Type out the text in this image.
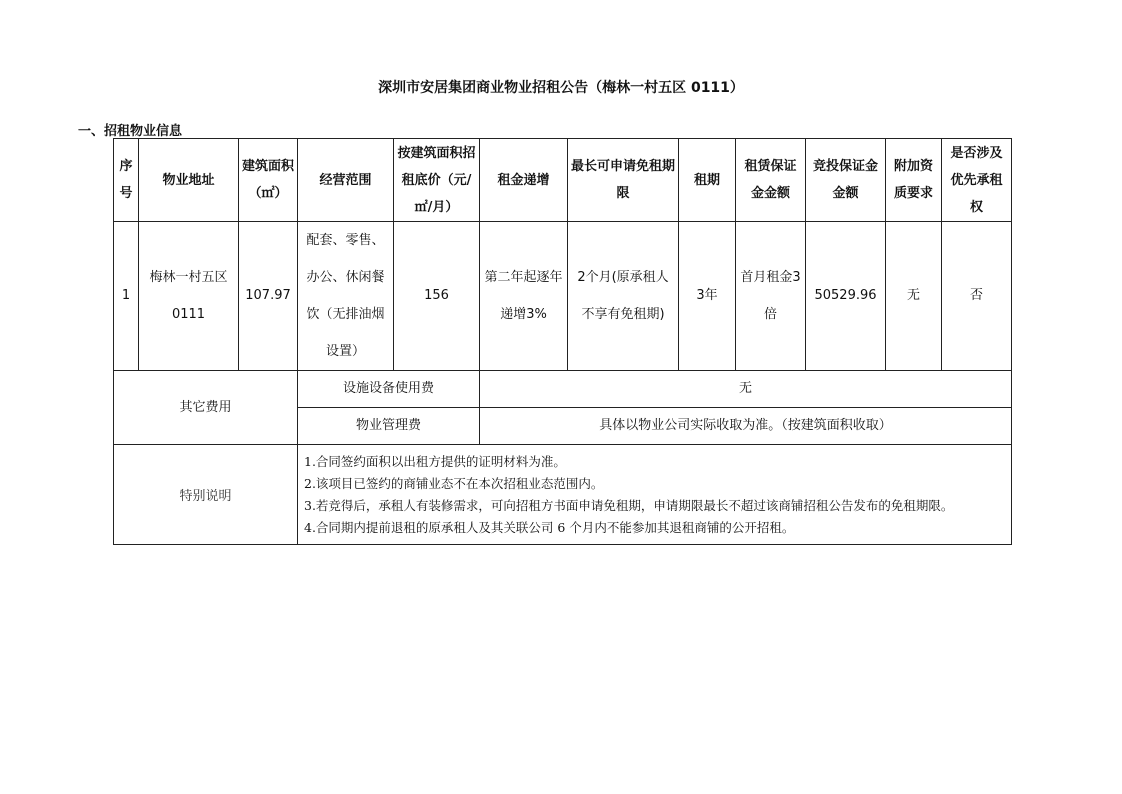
深圳市安居集团商业物业招租公告（梅林一村五区 0111）
一、招租物业信息
序号	物业地址	建筑面积（㎡）	经营范围	按建筑面积招租底价（元/㎡/月）	租金递增	最长可申请免租期限	租期	租赁保证金金额	竞投保证金金额	附加资质要求	是否涉及优先承租权
1	梅林一村五区0111	107.97	配套、零售、办公、休闲餐饮（无排油烟设置）	156	第二年起逐年递增3%	2个月(原承租人不享有免租期)	3年	首月租金3倍	50529.96	无	否
其它费用			设施设备使用费		无						
			物业管理费		具体以物业公司实际收取为准。（按建筑面积收取）						
特别说明			1.合同签约面积以出租方提供的证明材料为准。
2.该项目已签约的商铺业态不在本次招租业态范围内。
3.若竞得后，承租人有装修需求，可向招租方书面申请免租期，申请期限最长不超过该商铺招租公告发布的免租期限。
4.合同期内提前退租的原承租人及其关联公司 6 个月内不能参加其退租商铺的公开招租。								
